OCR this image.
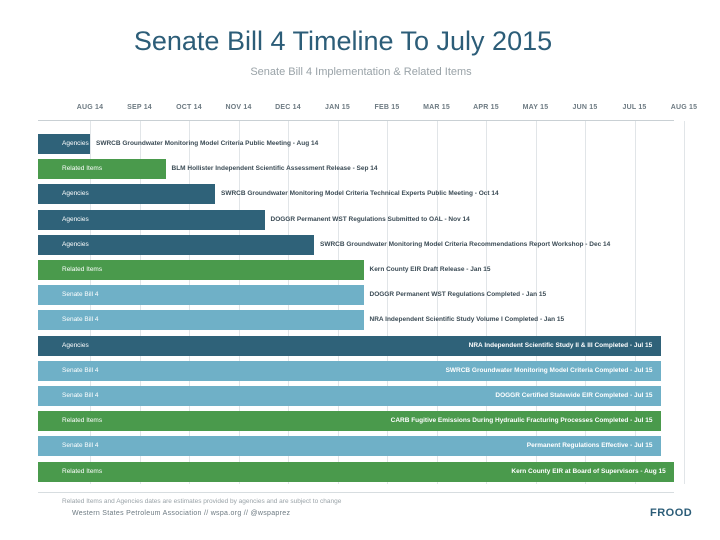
Senate Bill 4 Timeline To July 2015
Senate Bill 4 Implementation & Related Items
AUG 14	SEP 14	OCT 14	NOV 14	DEC 14	JAN 15	FEB 15	MAR 15	APR 15	MAY 15	JUN 15	JUL 15	AUG 15
Agencies SWRCB Groundwater Monitoring Model Criteria Public Meeting - Aug 14
Related Items	BLM Hollister Independent Scientific Assessment Release - Sep 14
Agencies	SWRCB Groundwater Monitoring Model Criteria Technical Experts Public Meeting - Oct 14
Agencies	DOGGR Permanent WST Regulations Submitted to OAL - Nov 14
Agencies	SWRCB Groundwater Monitoring Model Criteria Recommendations Report Workshop - Dec 14
Related Items	Kern County EIR Draft Release - Jan 15
Senate Bill 4	DOGGR Permanent WST Regulations Completed - Jan 15
Senate Bill 4	NRA Independent Scientific Study Volume I Completed - Jan 15
Agencies	NRA Independent Scientific Study II & III Completed - Jul 15
Senate Bill 4	SWRCB Groundwater Monitoring Model Criteria Completed - Jul 15
Senate Bill 4	DOGGR Certified Statewide EIR Completed - Jul 15
Related Items	CARB Fugitive Emissions During Hydraulic Fracturing Processes Completed - Jul 15
Senate Bill 4	Permanent Regulations Effective - Jul 15
Related Items	Kern County EIR at Board of Supervisors - Aug 15
Related Items and Agencies dates are estimates provided by agencies and are subject to change
Western States Petroleum Association // wspa.org // @wspaprez	FROOD
